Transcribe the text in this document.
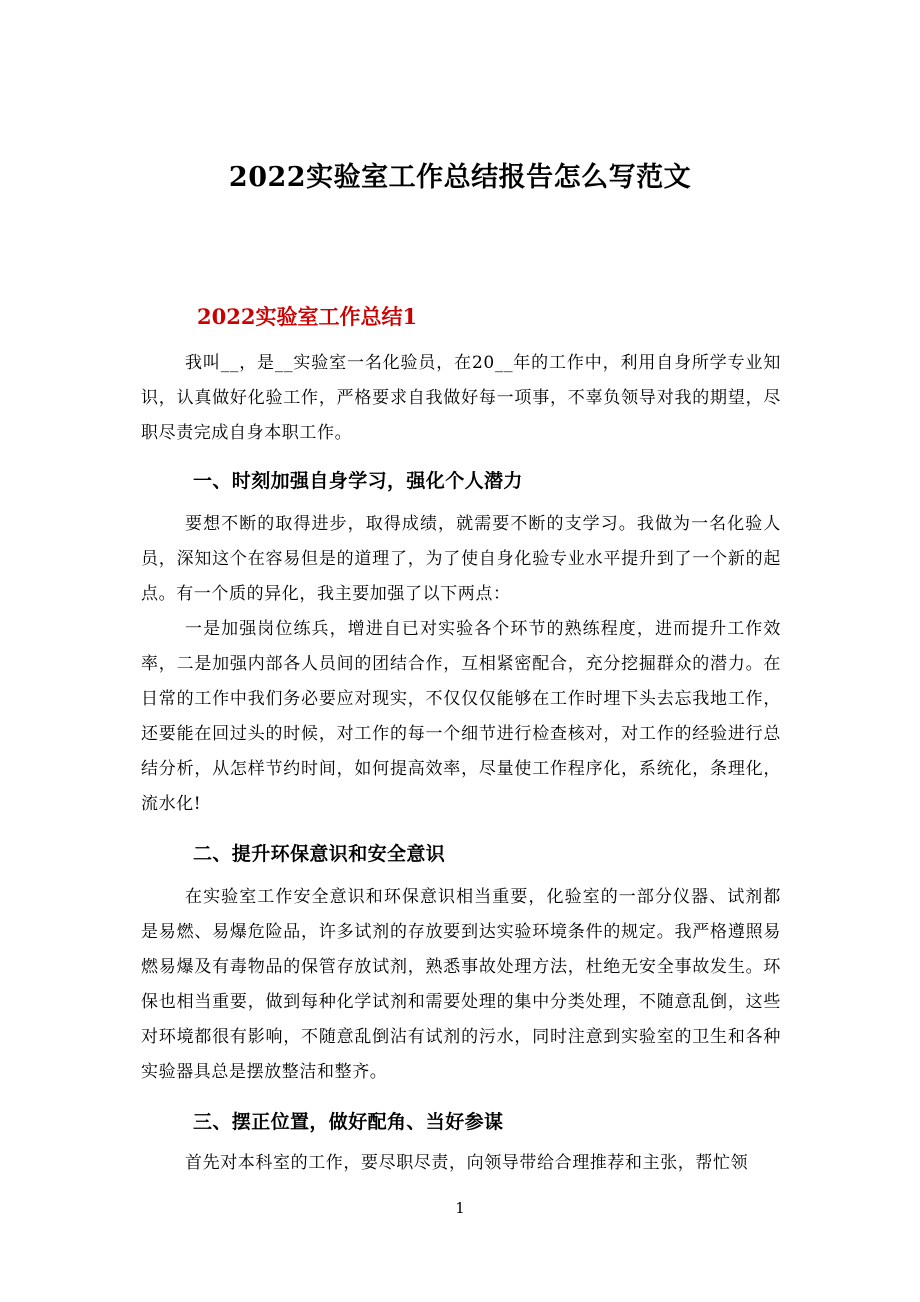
2022实验室工作总结报告怎么写范文
2022实验室工作总结1

我叫__，是__实验室一名化验员，在20__年的工作中，利用自身所学专业知识，认真做好化验工作，严格要求自我做好每一项事，不辜负领导对我的期望，尽职尽责完成自身本职工作。

一、时刻加强自身学习，强化个人潜力

要想不断的取得进步，取得成绩，就需要不断的支学习。我做为一名化验人员，深知这个在容易但是的道理了，为了使自身化验专业水平提升到了一个新的起点。有一个质的异化，我主要加强了以下两点：

一是加强岗位练兵，增进自已对实验各个环节的熟练程度，进而提升工作效率，二是加强内部各人员间的团结合作，互相紧密配合，充分挖掘群众的潜力。在日常的工作中我们务必要应对现实，不仅仅仅能够在工作时埋下头去忘我地工作，还要能在回过头的时候，对工作的每一个细节进行检查核对，对工作的经验进行总结分析，从怎样节约时间，如何提高效率，尽量使工作程序化，系统化，条理化，流水化!

二、提升环保意识和安全意识

在实验室工作安全意识和环保意识相当重要，化验室的一部分仪器、试剂都是易燃、易爆危险品，许多试剂的存放要到达实验环境条件的规定。我严格遵照易燃易爆及有毒物品的保管存放试剂，熟悉事故处理方法，杜绝无安全事故发生。环保也相当重要，做到每种化学试剂和需要处理的集中分类处理，不随意乱倒，这些对环境都很有影响，不随意乱倒沾有试剂的污水，同时注意到实验室的卫生和各种实验器具总是摆放整洁和整齐。

三、摆正位置，做好配角、当好参谋

首先对本科室的工作，要尽职尽责，向领导带给合理推荐和主张，帮忙领

1
